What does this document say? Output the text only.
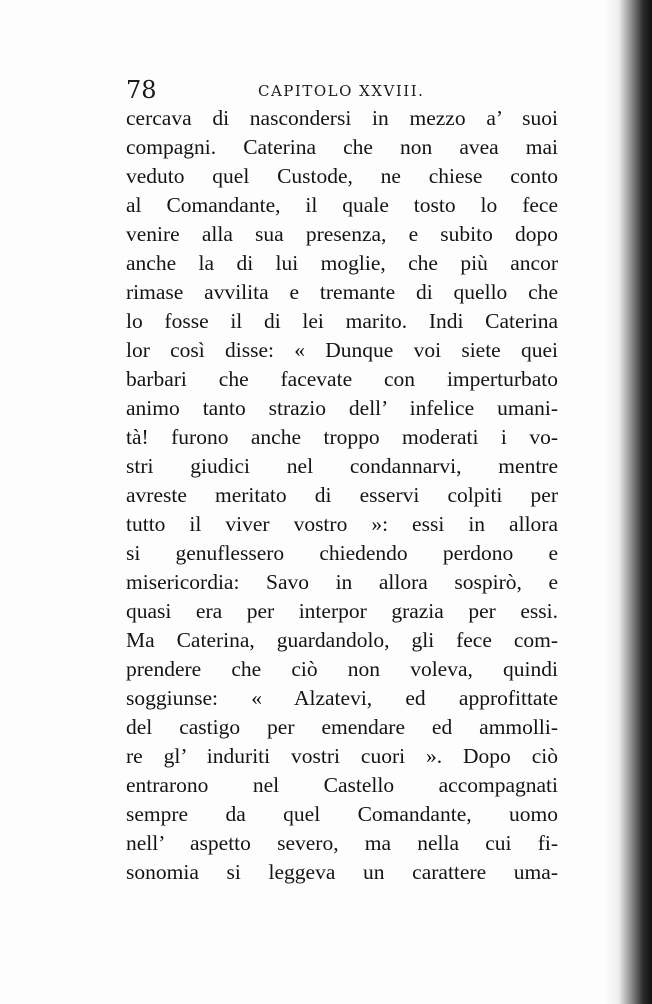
78	CAPITOLO XXVIII.
cercava di nascondersi in mezzo a’ suoi
compagni. Caterina che non avea mai
veduto quel Custode, ne chiese conto
al Comandante, il quale tosto lo fece
venire alla sua presenza, e subito dopo
anche la di lui moglie, che più ancor
rimase avvilita e tremante di quello che
lo fosse il di lei marito. Indi Caterina
lor così disse: « Dunque voi siete quei
barbari che facevate con imperturbato
animo tanto strazio dell’ infelice umani-
tà! furono anche troppo moderati i vo-
stri giudici nel condannarvi, mentre
avreste meritato di esservi colpiti per
tutto il viver vostro »: essi in allora
si genuflessero chiedendo perdono e
misericordia: Savo in allora sospirò, e
quasi era per interpor grazia per essi.
Ma Caterina, guardandolo, gli fece com-
prendere che ciò non voleva, quindi
soggiunse: « Alzatevi, ed approfittate
del castigo per emendare ed ammolli-
re gl’ induriti vostri cuori ». Dopo ciò
entrarono nel Castello accompagnati
sempre da quel Comandante, uomo
nell’ aspetto severo, ma nella cui fi-
sonomia si leggeva un carattere uma-
